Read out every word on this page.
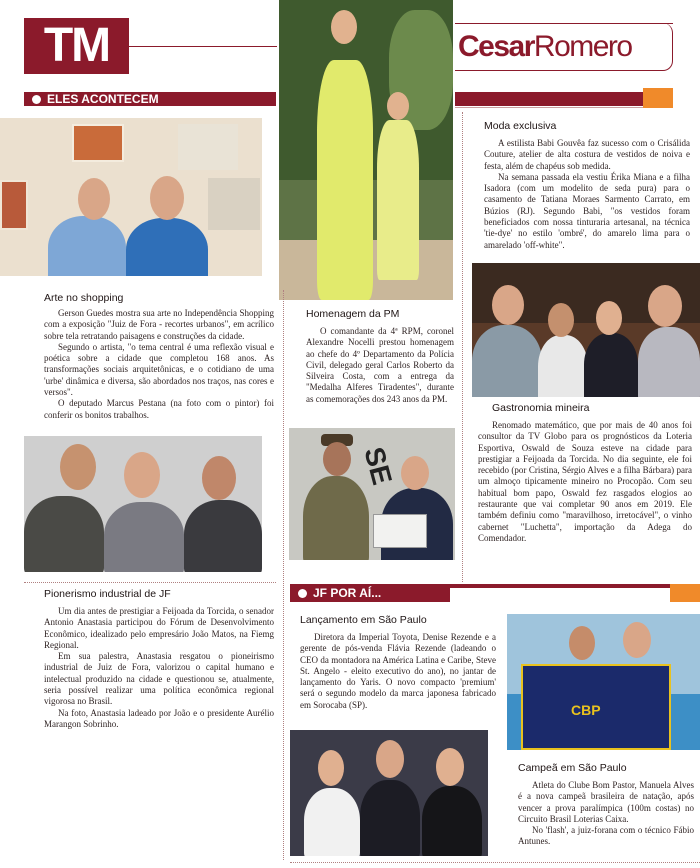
TM	CesarRomero
ELES ACONTECEM
SE
CBP
JF POR AÍ...
Arte no shopping

Gerson Guedes mostra sua arte no Independência Shopping com a exposição "Juiz de Fora - recortes urbanos", em acrílico sobre tela retratando paisagens e construções da cidade.

Segundo o artista, "o tema central é uma reflexão visual e poética sobre a cidade que completou 168 anos. As transformações sociais arquitetônicas, e o cotidiano de uma 'urbe' dinâmica e diversa, são abordados nos traços, nas cores e versos".

O deputado Marcus Pestana (na foto com o pintor) foi conferir os bonitos trabalhos.

Homenagem da PM

O comandante da 4ª RPM, coronel Alexandre Nocelli prestou homenagem ao chefe do 4º Departamento da Polícia Civil, delegado geral Carlos Roberto da Silveira Costa, com a entrega da "Medalha Alferes Tiradentes", durante as comemorações dos 243 anos da PM.

Moda exclusiva

A estilista Babi Gouvêa faz sucesso com o Crisálida Couture, atelier de alta costura de vestidos de noiva e festa, além de chapéus sob medida.

Na semana passada ela vestiu Érika Miana e a filha Isadora (com um modelito de seda pura) para o casamento de Tatiana Moraes Sarmento Carrato, em Búzios (RJ). Segundo Babi, "os vestidos foram beneficiados com nossa tinturaria artesanal, na técnica 'tie-dye' no estilo 'ombré', do amarelo lima para o amarelado 'off-white".

Gastronomia mineira

Renomado matemático, que por mais de 40 anos foi consultor da TV Globo para os prognósticos da Loteria Esportiva, Oswald de Souza esteve na cidade para prestigiar a Feijoada da Torcida. No dia seguinte, ele foi recebido (por Cristina, Sérgio Alves e a filha Bárbara) para um almoço tipicamente mineiro no Procopão. Com seu habitual bom papo, Oswald fez rasgados elogios ao restaurante que vai completar 90 anos em 2019. Ele também definiu como "maravilhoso, irretocável", o vinho cabernet "Luchetta", importação da Adega do Comendador.

Pionerismo industrial de JF

Um dia antes de prestigiar a Feijoada da Torcida, o senador Antonio Anastasia participou do Fórum de Desenvolvimento Econômico, idealizado pelo empresário João Matos, na Fiemg Regional.

Em sua palestra, Anastasia resgatou o pioneirismo industrial de Juiz de Fora, valorizou o capital humano e intelectual produzido na cidade e questionou se, atualmente, seria possível realizar uma política econômica regional vigorosa no Brasil.

Na foto, Anastasia ladeado por João e o presidente Aurélio Marangon Sobrinho.

Lançamento em São Paulo

Diretora da Imperial Toyota, Denise Rezende e a gerente de pós-venda Flávia Rezende (ladeando o CEO da montadora na América Latina e Caribe, Steve St. Angelo - eleito executivo do ano), no jantar de lançamento do Yaris. O novo compacto 'premium' será o segundo modelo da marca japonesa fabricado em Sorocaba (SP).

Campeã em São Paulo

Atleta do Clube Bom Pastor, Manuela Alves é a nova campeã brasileira de natação, após vencer a prova paralímpica (100m costas) no Circuito Brasil Loterias Caixa.

No 'flash', a juiz-forana com o técnico Fábio Antunes.
